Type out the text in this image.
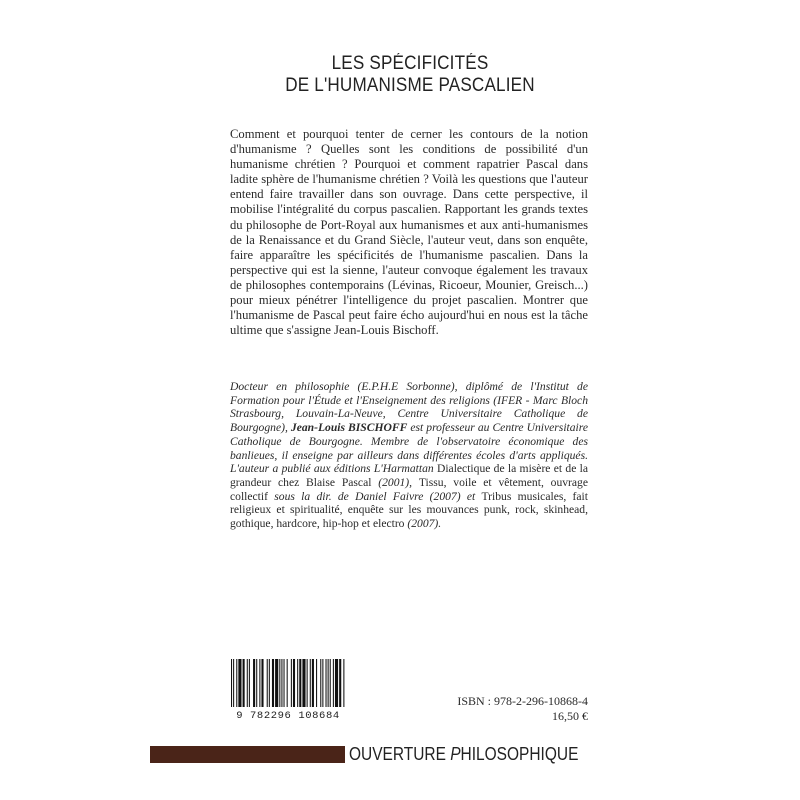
LES SPÉCIFICITÉS
DE L'HUMANISME PASCALIEN

Comment et pourquoi tenter de cerner les contours de la notion d'humanisme ? Quelles sont les conditions de possibilité d'un humanisme chrétien ? Pourquoi et comment rapatrier Pascal dans ladite sphère de l'humanisme chrétien ? Voilà les questions que l'auteur entend faire travailler dans son ouvrage. Dans cette perspective, il mobilise l'intégralité du corpus pascalien. Rapportant les grands textes du philosophe de Port-Royal aux humanismes et aux anti-humanismes de la Renaissance et du Grand Siècle, l'auteur veut, dans son enquête, faire apparaître les spécificités de l'humanisme pascalien. Dans la perspective qui est la sienne, l'auteur convoque également les travaux de philosophes contemporains (Lévinas, Ricoeur, Mounier, Greisch...) pour mieux pénétrer l'intelligence du projet pascalien. Montrer que l'humanisme de Pascal peut faire écho aujourd'hui en nous est la tâche ultime que s'assigne Jean-Louis Bischoff.

Docteur en philosophie (E.P.H.E Sorbonne), diplômé de l'Institut de Formation pour l'Étude et l'Enseignement des religions (IFER - Marc Bloch Strasbourg, Louvain-La-Neuve, Centre Universitaire Catholique de Bourgogne), Jean-Louis BISCHOFF est professeur au Centre Universitaire Catholique de Bourgogne. Membre de l'observatoire économique des banlieues, il enseigne par ailleurs dans différentes écoles d'arts appliqués. L'auteur a publié aux éditions L'Harmattan Dialectique de la misère et de la grandeur chez Blaise Pascal (2001), Tissu, voile et vêtement, ouvrage collectif sous la dir. de Daniel Faivre (2007) et Tribus musicales, fait religieux et spiritualité, enquête sur les mouvances punk, rock, skinhead, gothique, hardcore, hip-hop et electro (2007).

9 782296 108684
ISBN : 978-2-296-10868-4
16,50 €
OUVERTURE PHILOSOPHIQUE
